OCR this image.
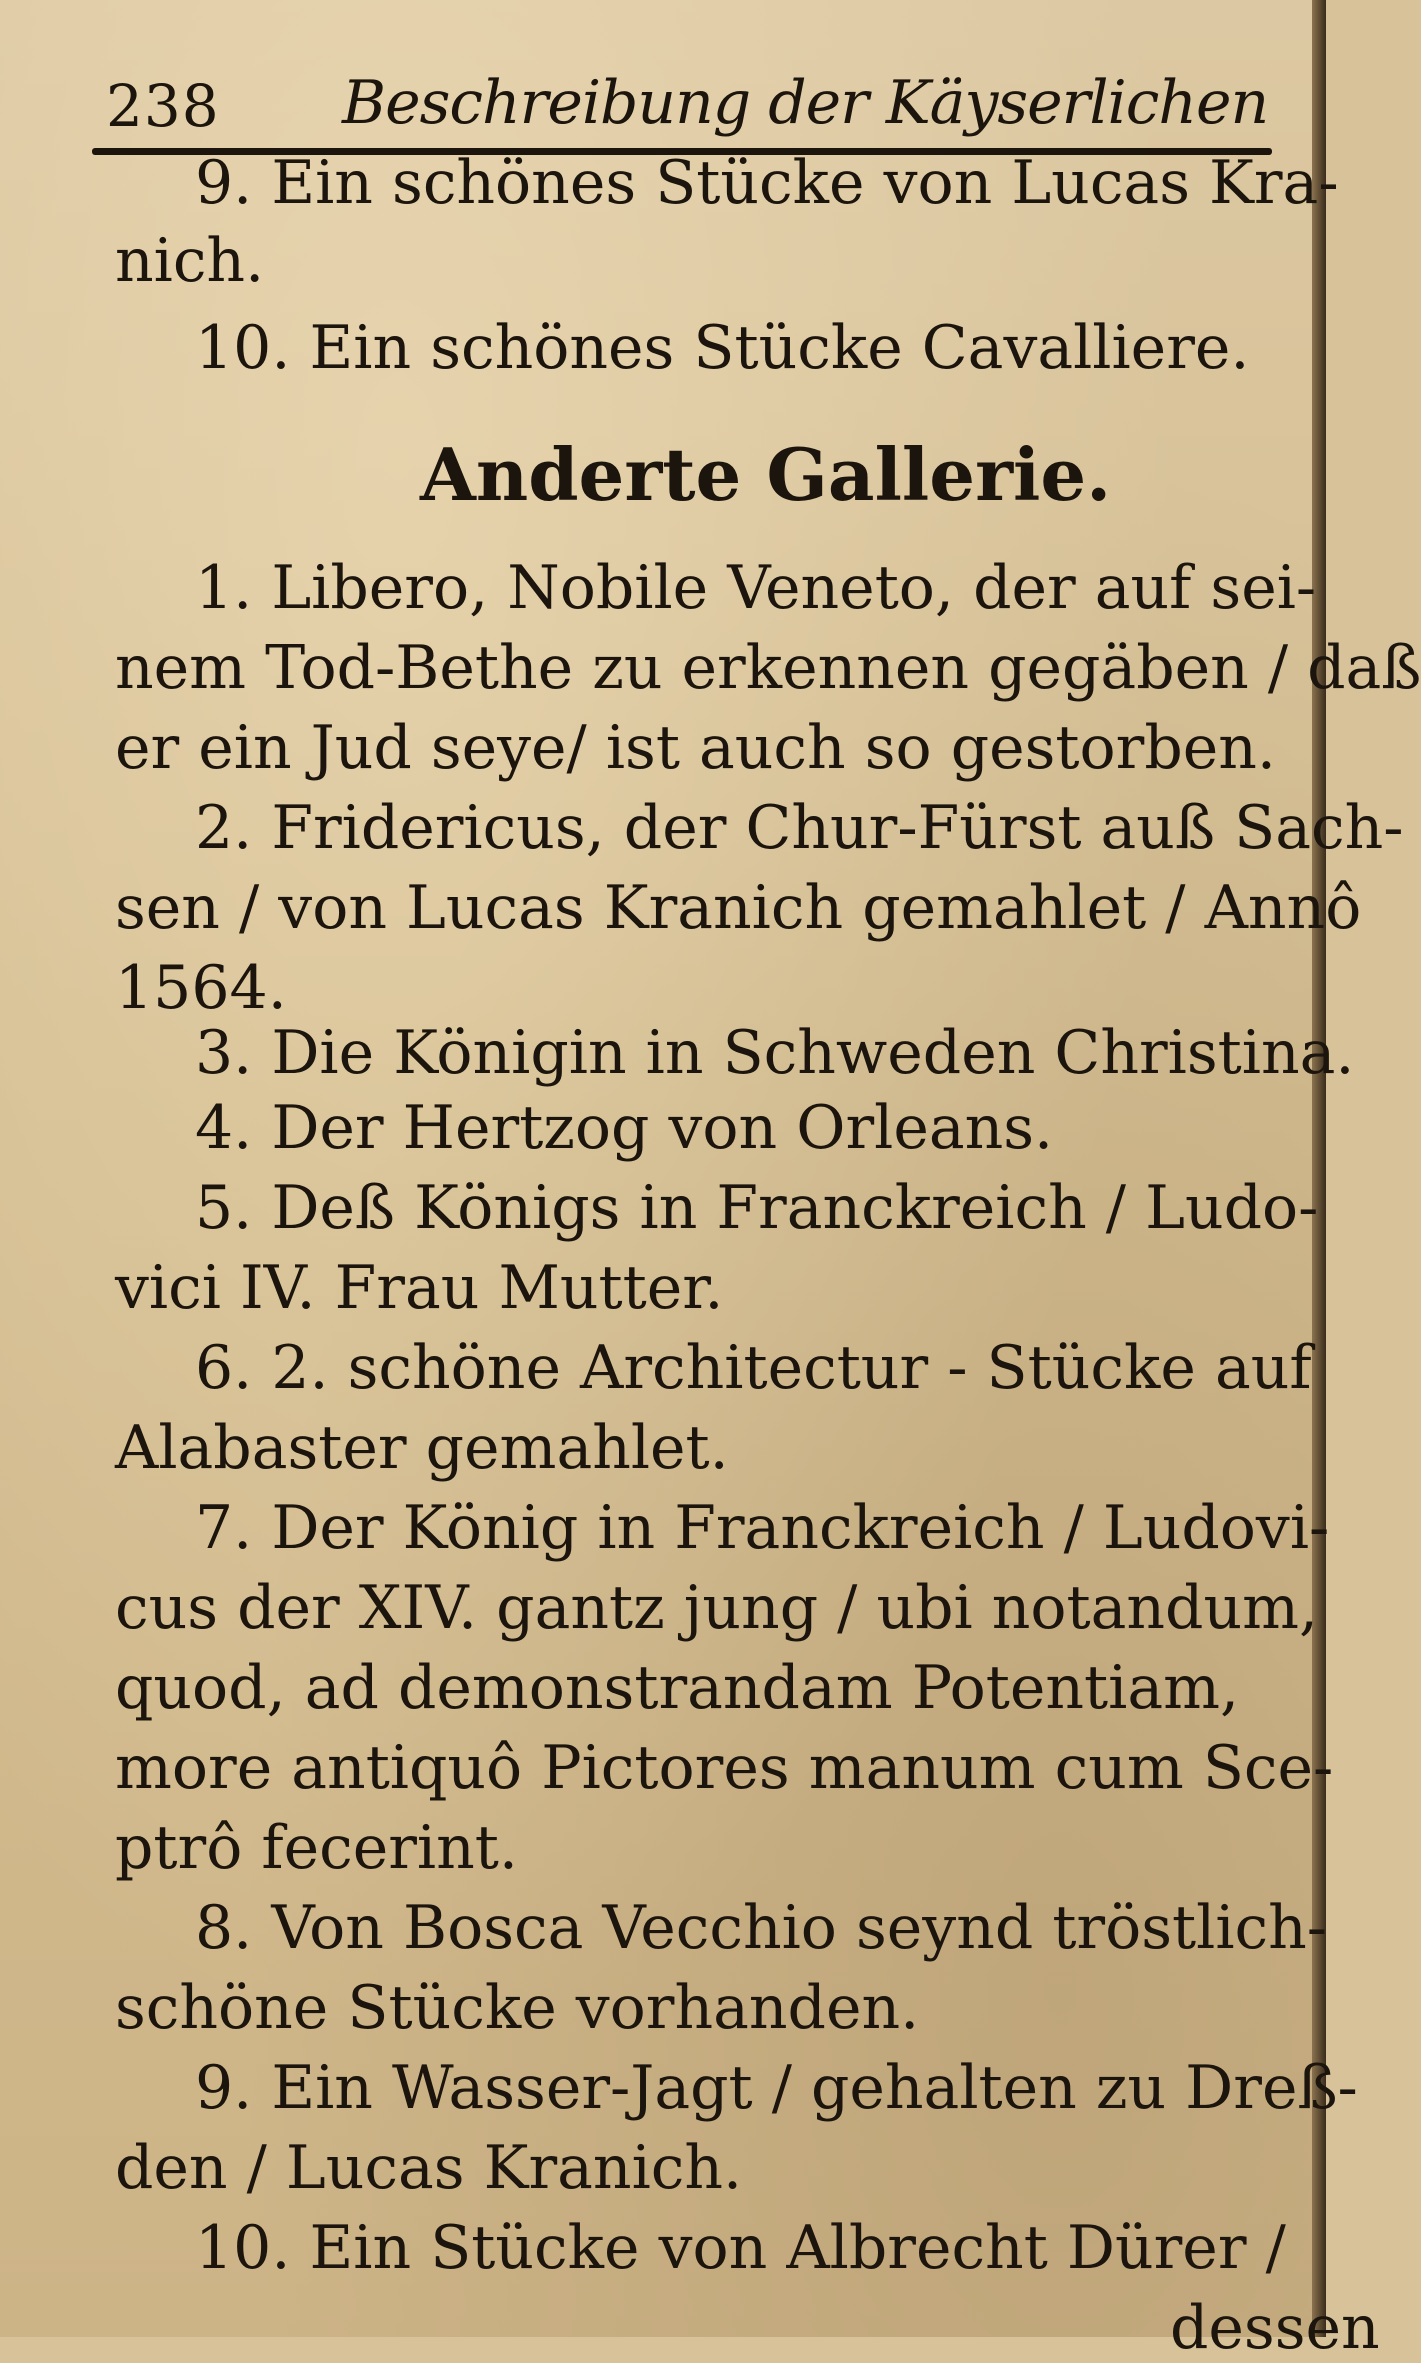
238 Beschreibung der Käyserlichen
9. Ein schönes Stücke von Lucas Kra-
nich.
10. Ein schönes Stücke Cavalliere.
Anderte Gallerie.
1. Libero, Nobile Veneto, der auf sei-
nem Tod-Bethe zu erkennen gegäben / daß
er ein Jud seye/ ist auch so gestorben.
2. Fridericus, der Chur-Fürst auß Sach-
sen / von Lucas Kranich gemahlet / Annô
1564.
3. Die Königin in Schweden Christina.
4. Der Hertzog von Orleans.
5. Deß Königs in Franckreich / Ludo-
vici IV. Frau Mutter.
6. 2. schöne Architectur - Stücke auf
Alabaster gemahlet.
7. Der König in Franckreich / Ludovi-
cus der XIV. gantz jung / ubi notandum,
quod, ad demonstrandam Potentiam,
more antiquô Pictores manum cum Sce-
ptrô fecerint.
8. Von Bosca Vecchio seynd tröstlich-
schöne Stücke vorhanden.
9. Ein Wasser-Jagt / gehalten zu Dreß-
den / Lucas Kranich.
10. Ein Stücke von Albrecht Dürer /
dessen
